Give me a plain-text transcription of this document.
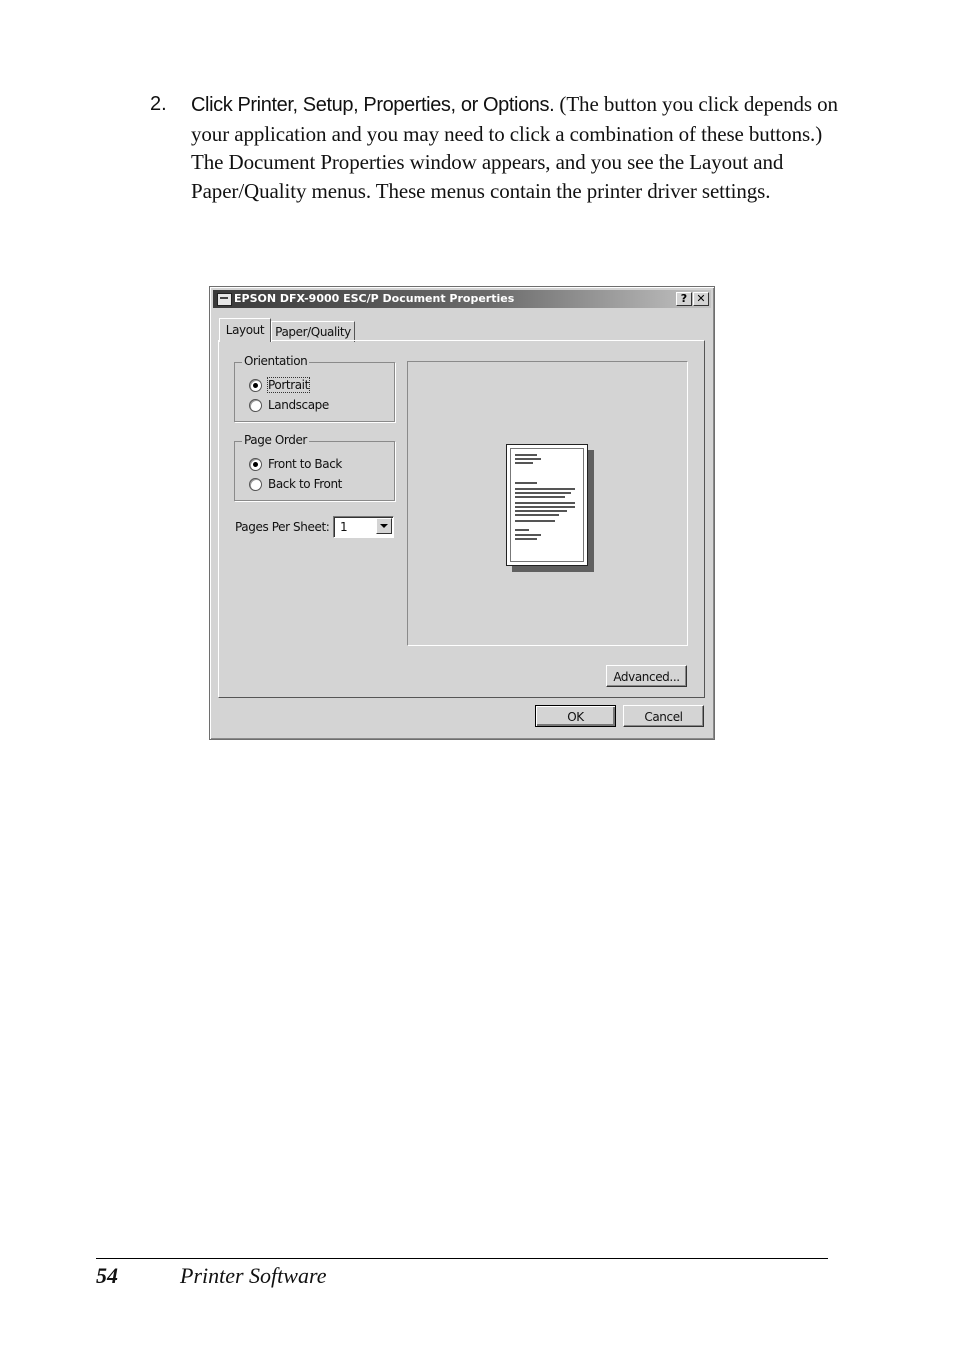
2. Click Printer, Setup, Properties, or Options. (The button you click depends on your application and you may need to click a combination of these buttons.) The Document Properties window appears, and you see the Layout and Paper/Quality menus. These menus contain the printer driver settings.
EPSON DFX-9000 ESC/P Document Properties	? ✕
Layout Paper/Quality
Orientation
Portrait
Landscape
Page Order
Front to Back
Back to Front
Pages Per Sheet: 1
Advanced...
OK	Cancel
54	Printer Software
